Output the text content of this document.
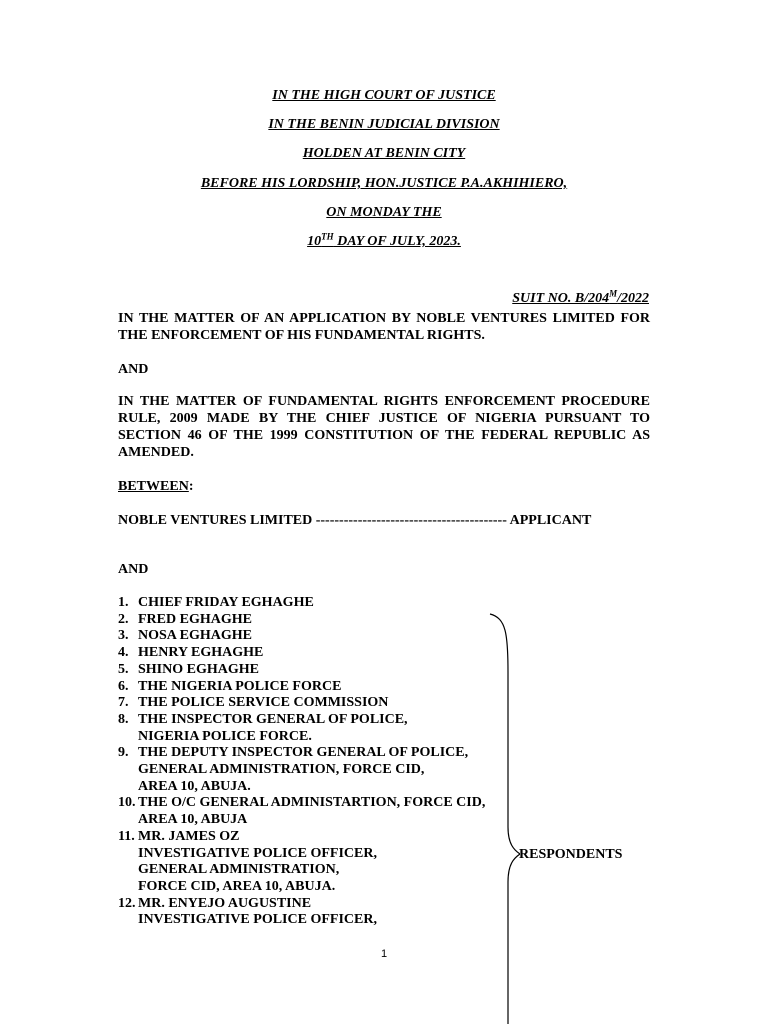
IN THE HIGH COURT OF JUSTICE
IN THE BENIN JUDICIAL DIVISION
HOLDEN AT BENIN CITY
BEFORE HIS LORDSHIP, HON.JUSTICE P.A.AKHIHIERO,
ON MONDAY THE
10TH DAY OF JULY, 2023.
SUIT NO. $B/204^M/2022$
IN THE MATTER OF AN APPLICATION BY NOBLE VENTURES LIMITED FOR THE ENFORCEMENT OF HIS FUNDAMENTAL RIGHTS.
AND
IN THE MATTER OF FUNDAMENTAL RIGHTS ENFORCEMENT PROCEDURE RULE, 2009 MADE BY THE CHIEF JUSTICE OF NIGERIA PURSUANT TO SECTION 46 OF THE 1999 CONSTITUTION OF THE FEDERAL REPUBLIC AS AMENDED.
BETWEEN:
NOBLE VENTURES LIMITED ----------------------------------------- APPLICANT
AND
1. CHIEF FRIDAY EGHAGHE
2. FRED EGHAGHE
3. NOSA EGHAGHE
4. HENRY EGHAGHE
5. SHINO EGHAGHE
6. THE NIGERIA POLICE FORCE
7. THE POLICE SERVICE COMMISSION
8. THE INSPECTOR GENERAL OF POLICE,
NIGERIA POLICE FORCE.
9. THE DEPUTY INSPECTOR GENERAL OF POLICE,
GENERAL ADMINISTRATION, FORCE CID,
AREA 10, ABUJA.
10. THE O/C GENERAL ADMINISTARTION, FORCE CID,
AREA 10, ABUJA
11. MR. JAMES OZ
INVESTIGATIVE POLICE OFFICER,
GENERAL ADMINISTRATION,
FORCE CID, AREA 10, ABUJA.
12. MR. ENYEJO AUGUSTINE
INVESTIGATIVE POLICE OFFICER,
RESPONDENTS
1
